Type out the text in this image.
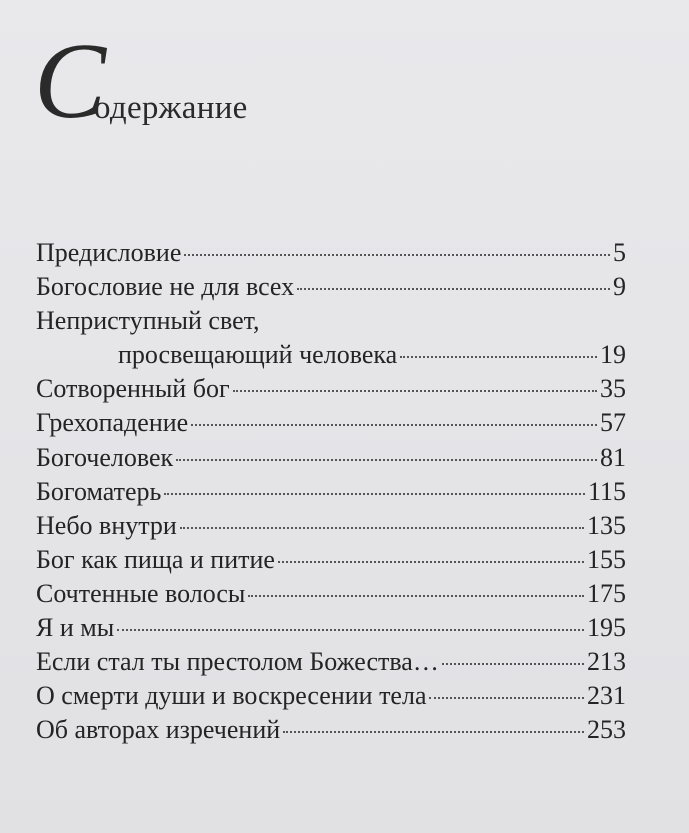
С
одержание
Предисловие	5
Богословие не для всех	9
Неприступный свет,
просвещающий человека	19
Сотворенный бог	35
Грехопадение	57
Богочеловек	81
Богоматерь	115
Небо внутри	135
Бог как пища и питие	155
Сочтенные волосы	175
Я и мы	195
Если стал ты престолом Божества…	213
О смерти души и воскресении тела	231
Об авторах изречений	253
